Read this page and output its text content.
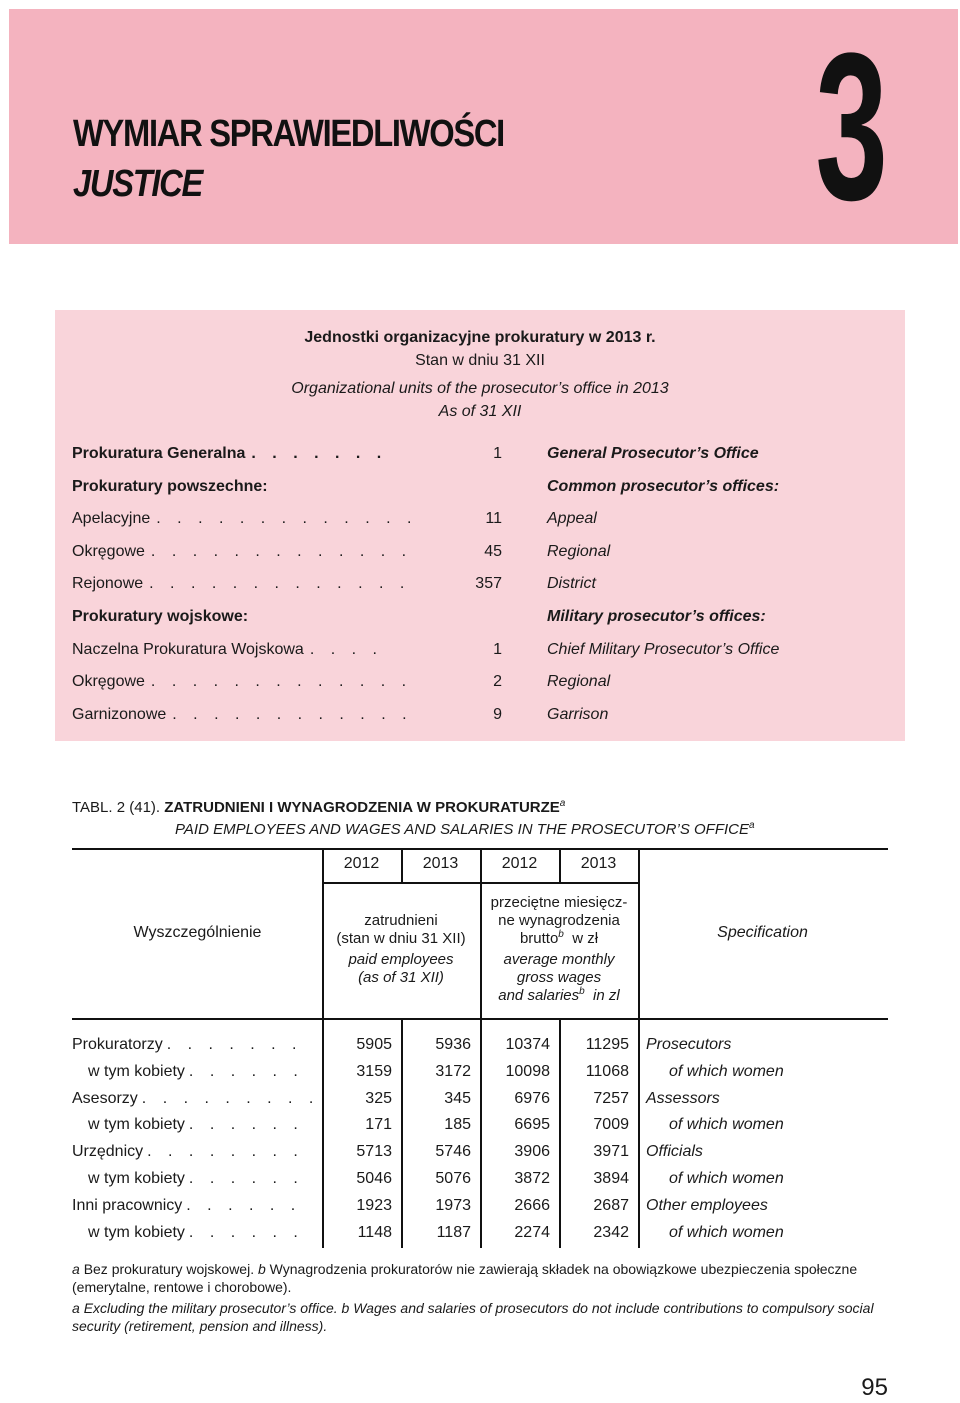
WYMIAR SPRAWIEDLIWOŚCI
JUSTICE	3
Jednostki organizacyjne prokuratury w 2013 r.
Stan w dniu 31 XII
Organizational units of the prosecutor’s office in 2013
As of 31 XII
Prokuratura Generalna . . . . . . .	1	General Prosecutor’s Office
Prokuratury powszechne:	Common prosecutor’s offices:
Apelacyjne . . . . . . . . . . . . .	11	Appeal
Okręgowe . . . . . . . . . . . . .	45	Regional
Rejonowe . . . . . . . . . . . . .	357	District
Prokuratury wojskowe:	Military prosecutor’s offices:
Naczelna Prokuratura Wojskowa . . . .	1	Chief Military Prosecutor’s Office
Okręgowe . . . . . . . . . . . . .	2	Regional
Garnizonowe . . . . . . . . . . . .	9	Garrison
TABL. 2 (41). ZATRUDNIENI I WYNAGRODZENIA W PROKURATURZE$^a$
PAID EMPLOYEES AND WAGES AND SALARIES IN THE PROSECUTOR’S OFFICE$^a$
2012	2013	2012	2013
Wyszczególnienie	Specification
zatrudnieni
(stan w dniu 31 XII)
paid employees
(as of 31 XII)
przeciętne miesięcz-
ne wynagrodzenia
brutto$^b$ w zł
average monthly
gross wages
and salaries$^b$ in zl
Prokuratorzy . . . . . . .	5905	5936	10374	11295 Prosecutors
w tym kobiety . . . . . .	3159	3172	10098	11068	of which women
Asesorzy . . . . . . . . .	325	345	6976	7257 Assessors
w tym kobiety . . . . . .	171	185	6695	7009	of which women
Urzędnicy . . . . . . . .	5713	5746	3906	3971 Officials
w tym kobiety . . . . . .	5046	5076	3872	3894	of which women
Inni pracownicy . . . . . .	1923	1973	2666	2687 Other employees
w tym kobiety . . . . . .	1148	1187	2274	2342	of which women

a Bez prokuratury wojskowej. b Wynagrodzenia prokuratorów nie zawierają składek na obowiązkowe ubezpieczenia społeczne (emerytalne, rentowe i chorobowe).

a Excluding the military prosecutor’s office. b Wages and salaries of prosecutors do not include contributions to compulsory social security (retirement, pension and illness).

95
